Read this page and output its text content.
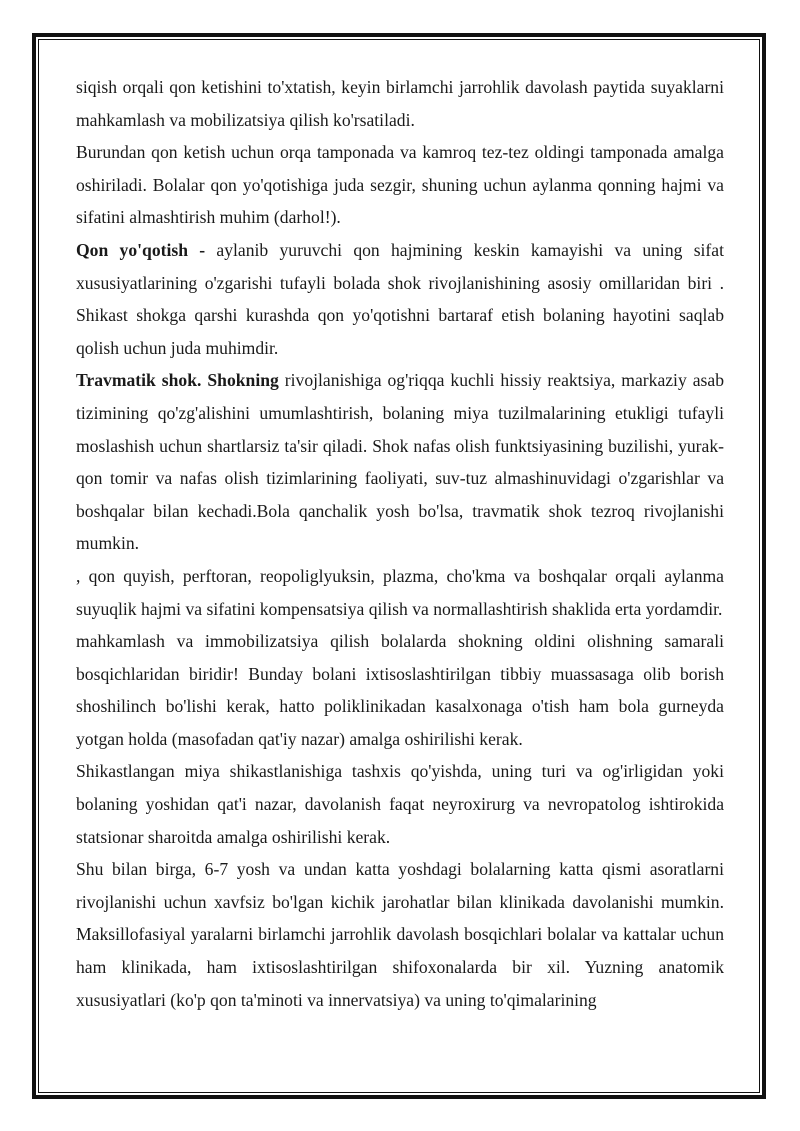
siqish orqali qon ketishini to'xtatish, keyin birlamchi jarrohlik davolash paytida suyaklarni mahkamlash va mobilizatsiya qilish ko'rsatiladi.

Burundan qon ketish uchun orqa tamponada va kamroq tez-tez oldingi tamponada amalga oshiriladi. Bolalar qon yo'qotishiga juda sezgir, shuning uchun aylanma qonning hajmi va sifatini almashtirish muhim (darhol!).

Qon yo'qotish - aylanib yuruvchi qon hajmining keskin kamayishi va uning sifat xususiyatlarining o'zgarishi tufayli bolada shok rivojlanishining asosiy omillaridan biri . Shikast shokga qarshi kurashda qon yo'qotishni bartaraf etish bolaning hayotini saqlab qolish uchun juda muhimdir.

Travmatik shok. Shokning rivojlanishiga og'riqqa kuchli hissiy reaktsiya, markaziy asab tizimining qo'zg'alishini umumlashtirish, bolaning miya tuzilmalarining etukligi tufayli moslashish uchun shartlarsiz ta'sir qiladi. Shok nafas olish funktsiyasining buzilishi, yurak-qon tomir va nafas olish tizimlarining faoliyati, suv-tuz almashinuvidagi o'zgarishlar va boshqalar bilan kechadi.Bola qanchalik yosh bo'lsa, travmatik shok tezroq rivojlanishi mumkin.

, qon quyish, perftoran, reopoliglyuksin, plazma, cho'kma va boshqalar orqali aylanma suyuqlik hajmi va sifatini kompensatsiya qilish va normallashtirish shaklida erta yordamdir.

mahkamlash va immobilizatsiya qilish bolalarda shokning oldini olishning samarali bosqichlaridan biridir! Bunday bolani ixtisoslashtirilgan tibbiy muassasaga olib borish shoshilinch bo'lishi kerak, hatto poliklinikadan kasalxonaga o'tish ham bola gurneyda yotgan holda (masofadan qat'iy nazar) amalga oshirilishi kerak.

Shikastlangan miya shikastlanishiga tashxis qo'yishda, uning turi va og'irligidan yoki bolaning yoshidan qat'i nazar, davolanish faqat neyroxirurg va nevropatolog ishtirokida statsionar sharoitda amalga oshirilishi kerak.

Shu bilan birga, 6-7 yosh va undan katta yoshdagi bolalarning katta qismi asoratlarni rivojlanishi uchun xavfsiz bo'lgan kichik jarohatlar bilan klinikada davolanishi mumkin. Maksillofasiyal yaralarni birlamchi jarrohlik davolash bosqichlari bolalar va kattalar uchun ham klinikada, ham ixtisoslashtirilgan shifoxonalarda bir xil. Yuzning anatomik xususiyatlari (ko'p qon ta'minoti va innervatsiya) va uning to'qimalarining
